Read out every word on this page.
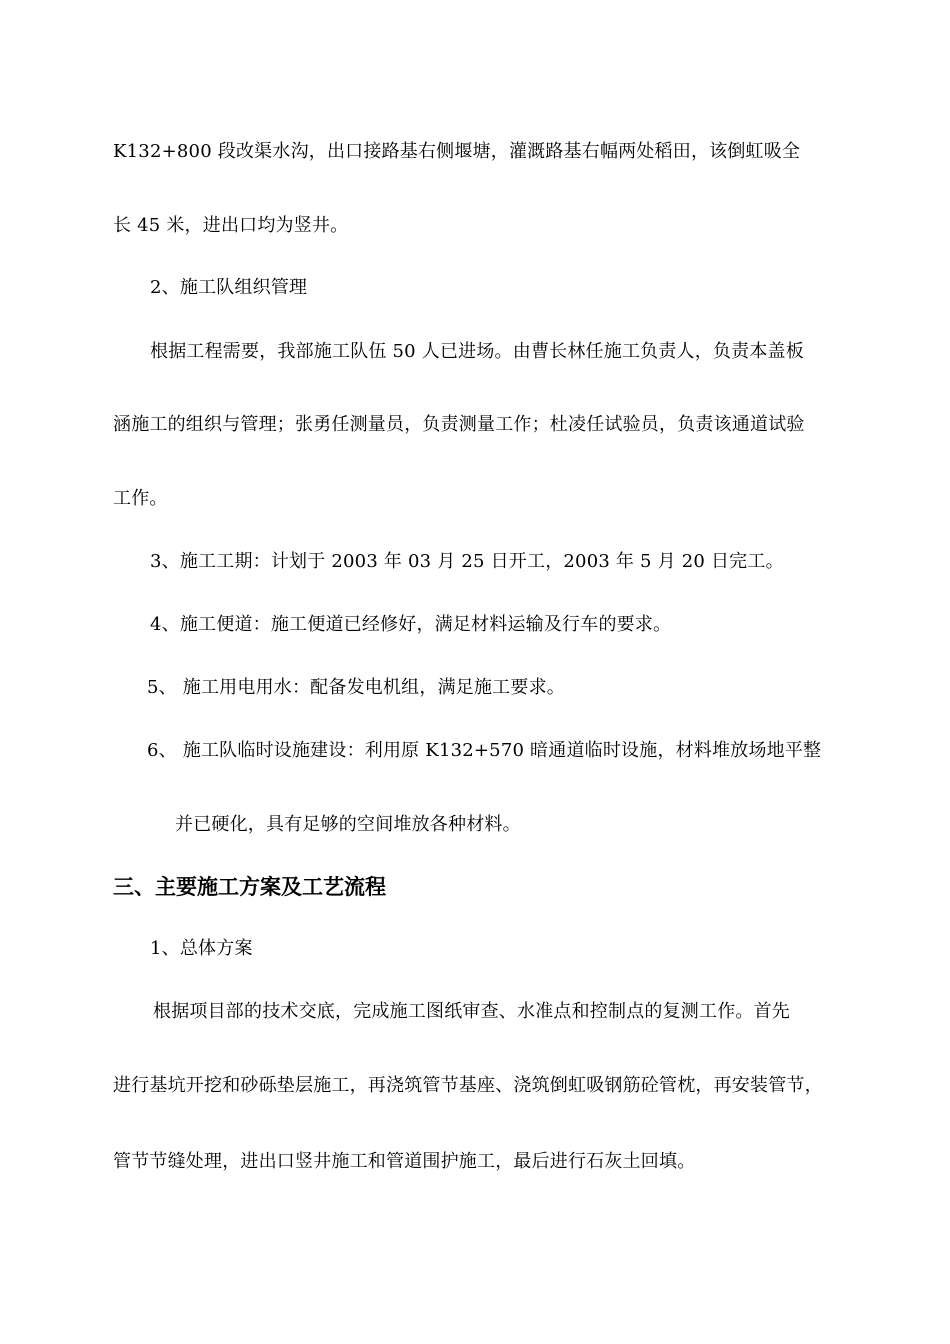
K132+800 段改渠水沟，出口接路基右侧堰塘，灌溉路基右幅两处稻田，该倒虹吸全
长 45 米，进出口均为竖井。
2、施工队组织管理
根据工程需要，我部施工队伍 50 人已进场。由曹长林任施工负责人，负责本盖板
涵施工的组织与管理；张勇任测量员，负责测量工作；杜凌任试验员，负责该通道试验
工作。
3、施工工期：计划于 2003 年 03 月 25 日开工，2003 年 5 月 20 日完工。
4、施工便道：施工便道已经修好，满足材料运输及行车的要求。
5、 施工用电用水：配备发电机组，满足施工要求。
6、 施工队临时设施建设：利用原 K132+570 暗通道临时设施，材料堆放场地平整
并已硬化，具有足够的空间堆放各种材料。
三、主要施工方案及工艺流程
1、总体方案
根据项目部的技术交底，完成施工图纸审查、水准点和控制点的复测工作。首先
进行基坑开挖和砂砾垫层施工，再浇筑管节基座、浇筑倒虹吸钢筋砼管枕，再安装管节，
管节节缝处理，进出口竖井施工和管道围护施工，最后进行石灰土回填。
